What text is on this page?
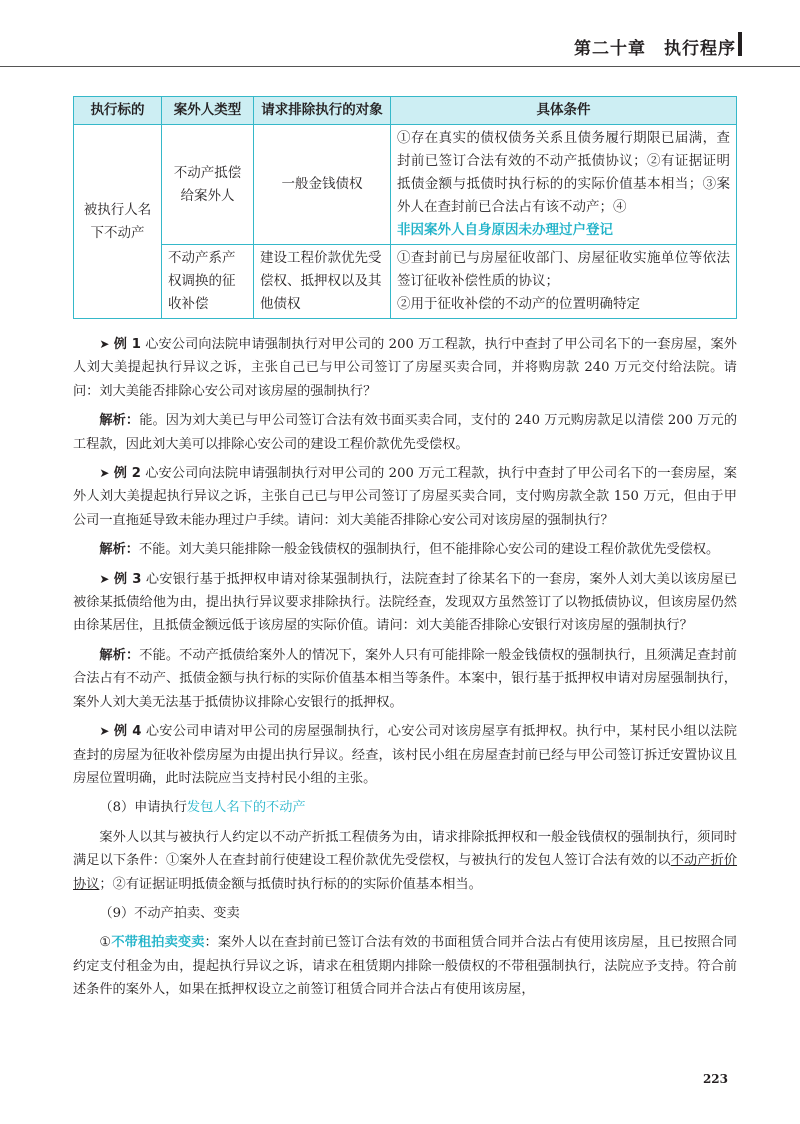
第二十章　执行程序
执行标的	案外人类型	请求排除执行的对象	具体条件
被执行人名下不动产	不动产抵偿给案外人	一般金钱债权	①存在真实的债权债务关系且债务履行期限已届满，查封前已签订合法有效的不动产抵债协议；②有证据证明抵债金额与抵债时执行标的的实际价值基本相当；③案外人在查封前已合法占有该不动产；④
非因案外人自身原因未办理过户登记
	不动产系产权调换的征收补偿	建设工程价款优先受偿权、抵押权以及其他债权	①查封前已与房屋征收部门、房屋征收实施单位等依法签订征收补偿性质的协议；
②用于征收补偿的不动产的位置明确特定

➤ 例 1 心安公司向法院申请强制执行对甲公司的 200 万工程款，执行中查封了甲公司名下的一套房屋，案外人刘大美提起执行异议之诉，主张自己已与甲公司签订了房屋买卖合同，并将购房款 240 万元交付给法院。请问：刘大美能否排除心安公司对该房屋的强制执行？

解析：能。因为刘大美已与甲公司签订合法有效书面买卖合同，支付的 240 万元购房款足以清偿 200 万元的工程款，因此刘大美可以排除心安公司的建设工程价款优先受偿权。

➤ 例 2 心安公司向法院申请强制执行对甲公司的 200 万元工程款，执行中查封了甲公司名下的一套房屋，案外人刘大美提起执行异议之诉，主张自己已与甲公司签订了房屋买卖合同，支付购房款全款 150 万元，但由于甲公司一直拖延导致未能办理过户手续。请问：刘大美能否排除心安公司对该房屋的强制执行？

解析：不能。刘大美只能排除一般金钱债权的强制执行，但不能排除心安公司的建设工程价款优先受偿权。

➤ 例 3 心安银行基于抵押权申请对徐某强制执行，法院查封了徐某名下的一套房，案外人刘大美以该房屋已被徐某抵债给他为由，提出执行异议要求排除执行。法院经查，发现双方虽然签订了以物抵债协议，但该房屋仍然由徐某居住，且抵债金额远低于该房屋的实际价值。请问：刘大美能否排除心安银行对该房屋的强制执行？

解析：不能。不动产抵债给案外人的情况下，案外人只有可能排除一般金钱债权的强制执行，且须满足查封前合法占有不动产、抵债金额与执行标的实际价值基本相当等条件。本案中，银行基于抵押权申请对房屋强制执行，案外人刘大美无法基于抵债协议排除心安银行的抵押权。

➤ 例 4 心安公司申请对甲公司的房屋强制执行，心安公司对该房屋享有抵押权。执行中，某村民小组以法院查封的房屋为征收补偿房屋为由提出执行异议。经查，该村民小组在房屋查封前已经与甲公司签订拆迁安置协议且房屋位置明确，此时法院应当支持村民小组的主张。

（8）申请执行发包人名下的不动产

案外人以其与被执行人约定以不动产折抵工程债务为由，请求排除抵押权和一般金钱债权的强制执行，须同时满足以下条件：①案外人在查封前行使建设工程价款优先受偿权，与被执行的发包人签订合法有效的以不动产折价协议；②有证据证明抵债金额与抵债时执行标的的实际价值基本相当。

（9）不动产拍卖、变卖

①不带租拍卖变卖：案外人以在查封前已签订合法有效的书面租赁合同并合法占有使用该房屋，且已按照合同约定支付租金为由，提起执行异议之诉，请求在租赁期内排除一般债权的不带租强制执行，法院应予支持。符合前述条件的案外人，如果在抵押权设立之前签订租赁合同并合法占有使用该房屋，

223
